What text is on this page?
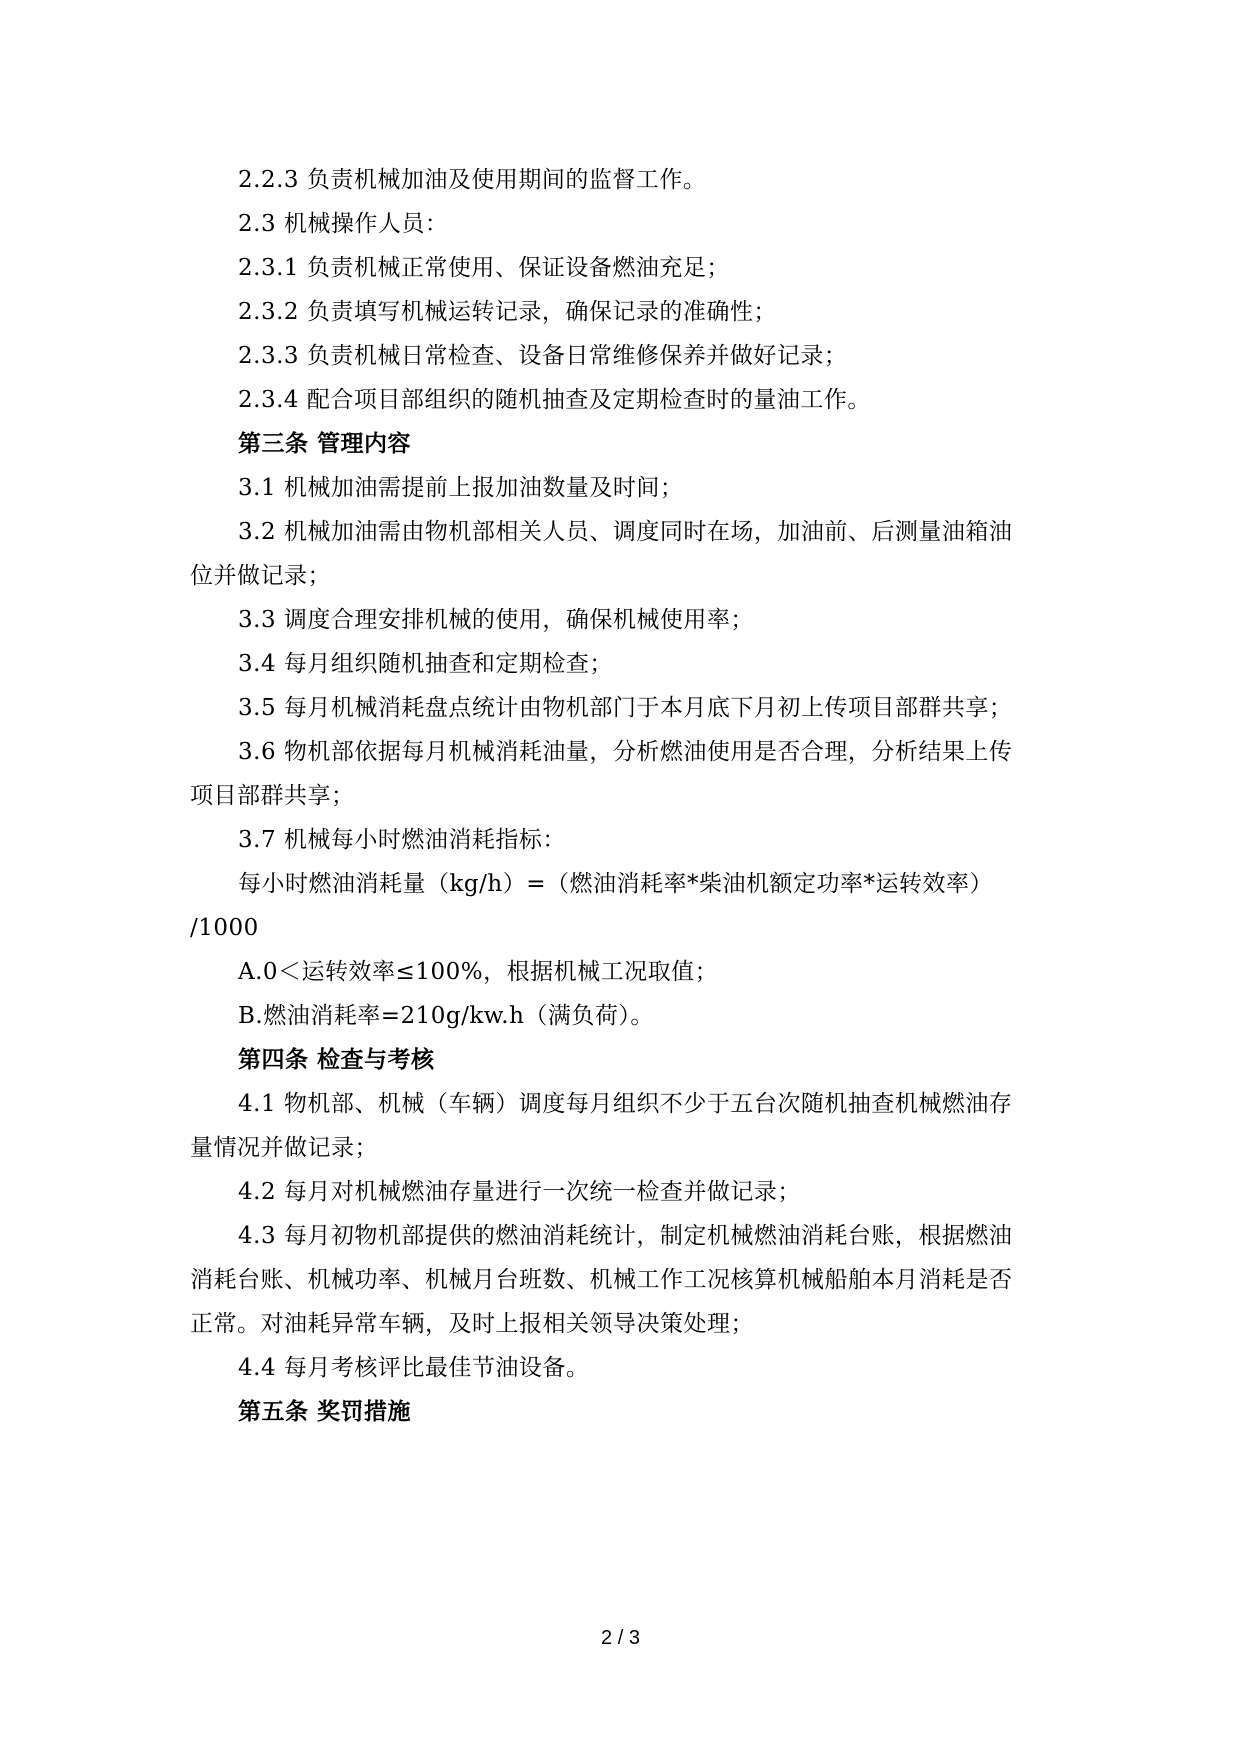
2.2.3 负责机械加油及使用期间的监督工作。

2.3 机械操作人员：

2.3.1 负责机械正常使用、保证设备燃油充足；

2.3.2 负责填写机械运转记录，确保记录的准确性；

2.3.3 负责机械日常检查、设备日常维修保养并做好记录；

2.3.4 配合项目部组织的随机抽查及定期检查时的量油工作。

第三条 管理内容

3.1 机械加油需提前上报加油数量及时间；

3.2 机械加油需由物机部相关人员、调度同时在场，加油前、后测量油箱油

位并做记录；

3.3 调度合理安排机械的使用，确保机械使用率；

3.4 每月组织随机抽查和定期检查；

3.5 每月机械消耗盘点统计由物机部门于本月底下月初上传项目部群共享；

3.6 物机部依据每月机械消耗油量，分析燃油使用是否合理，分析结果上传

项目部群共享；

3.7 机械每小时燃油消耗指标：

每小时燃油消耗量（kg/h）=（燃油消耗率*柴油机额定功率*运转效率）

/1000

A.0＜运转效率≤100%，根据机械工况取值；

B.燃油消耗率=210g/kw.h（满负荷）。

第四条 检查与考核

4.1 物机部、机械（车辆）调度每月组织不少于五台次随机抽查机械燃油存

量情况并做记录；

4.2 每月对机械燃油存量进行一次统一检查并做记录；

4.3 每月初物机部提供的燃油消耗统计，制定机械燃油消耗台账，根据燃油

消耗台账、机械功率、机械月台班数、机械工作工况核算机械船舶本月消耗是否

正常。对油耗异常车辆，及时上报相关领导决策处理；

4.4 每月考核评比最佳节油设备。

第五条 奖罚措施

2 / 3
